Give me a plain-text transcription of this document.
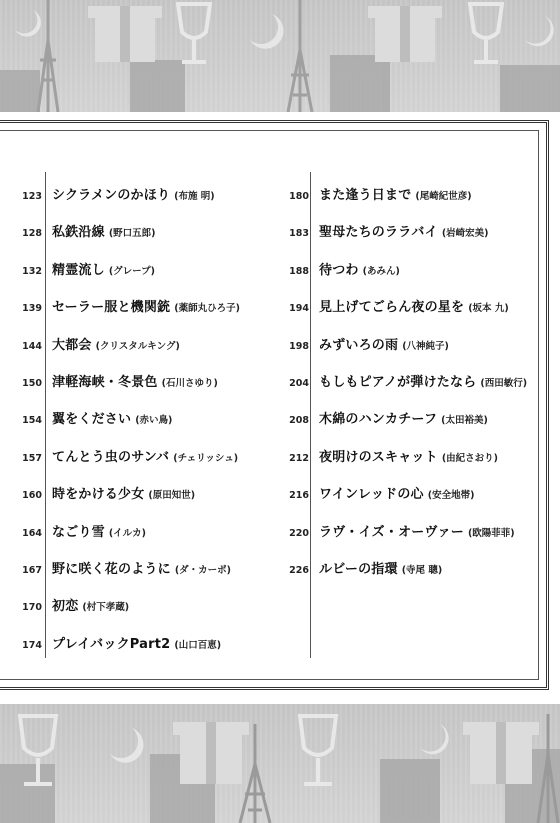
123 シクラメンのかほり (布施 明)
128 私鉄沿線 (野口五郎)
132 精霊流し (グレープ)
139 セーラー服と機関銃 (薬師丸ひろ子)
144 大都会 (クリスタルキング)
150 津軽海峡・冬景色 (石川さゆり)
154 翼をください (赤い鳥)
157 てんとう虫のサンバ (チェリッシュ)
160 時をかける少女 (原田知世)
164 なごり雪 (イルカ)
167 野に咲く花のように (ダ・カーポ)
170 初恋 (村下孝蔵)
174 プレイバックPart2 (山口百恵)
180 また逢う日まで (尾崎紀世彦)
183 聖母たちのララバイ (岩崎宏美)
188 待つわ (あみん)
194 見上げてごらん夜の星を (坂本 九)
198 みずいろの雨 (八神純子)
204 もしもピアノが弾けたなら (西田敏行)
208 木綿のハンカチーフ (太田裕美)
212 夜明けのスキャット (由紀さおり)
216 ワインレッドの心 (安全地帯)
220 ラヴ・イズ・オーヴァー (欧陽菲菲)
226 ルビーの指環 (寺尾 聰)
